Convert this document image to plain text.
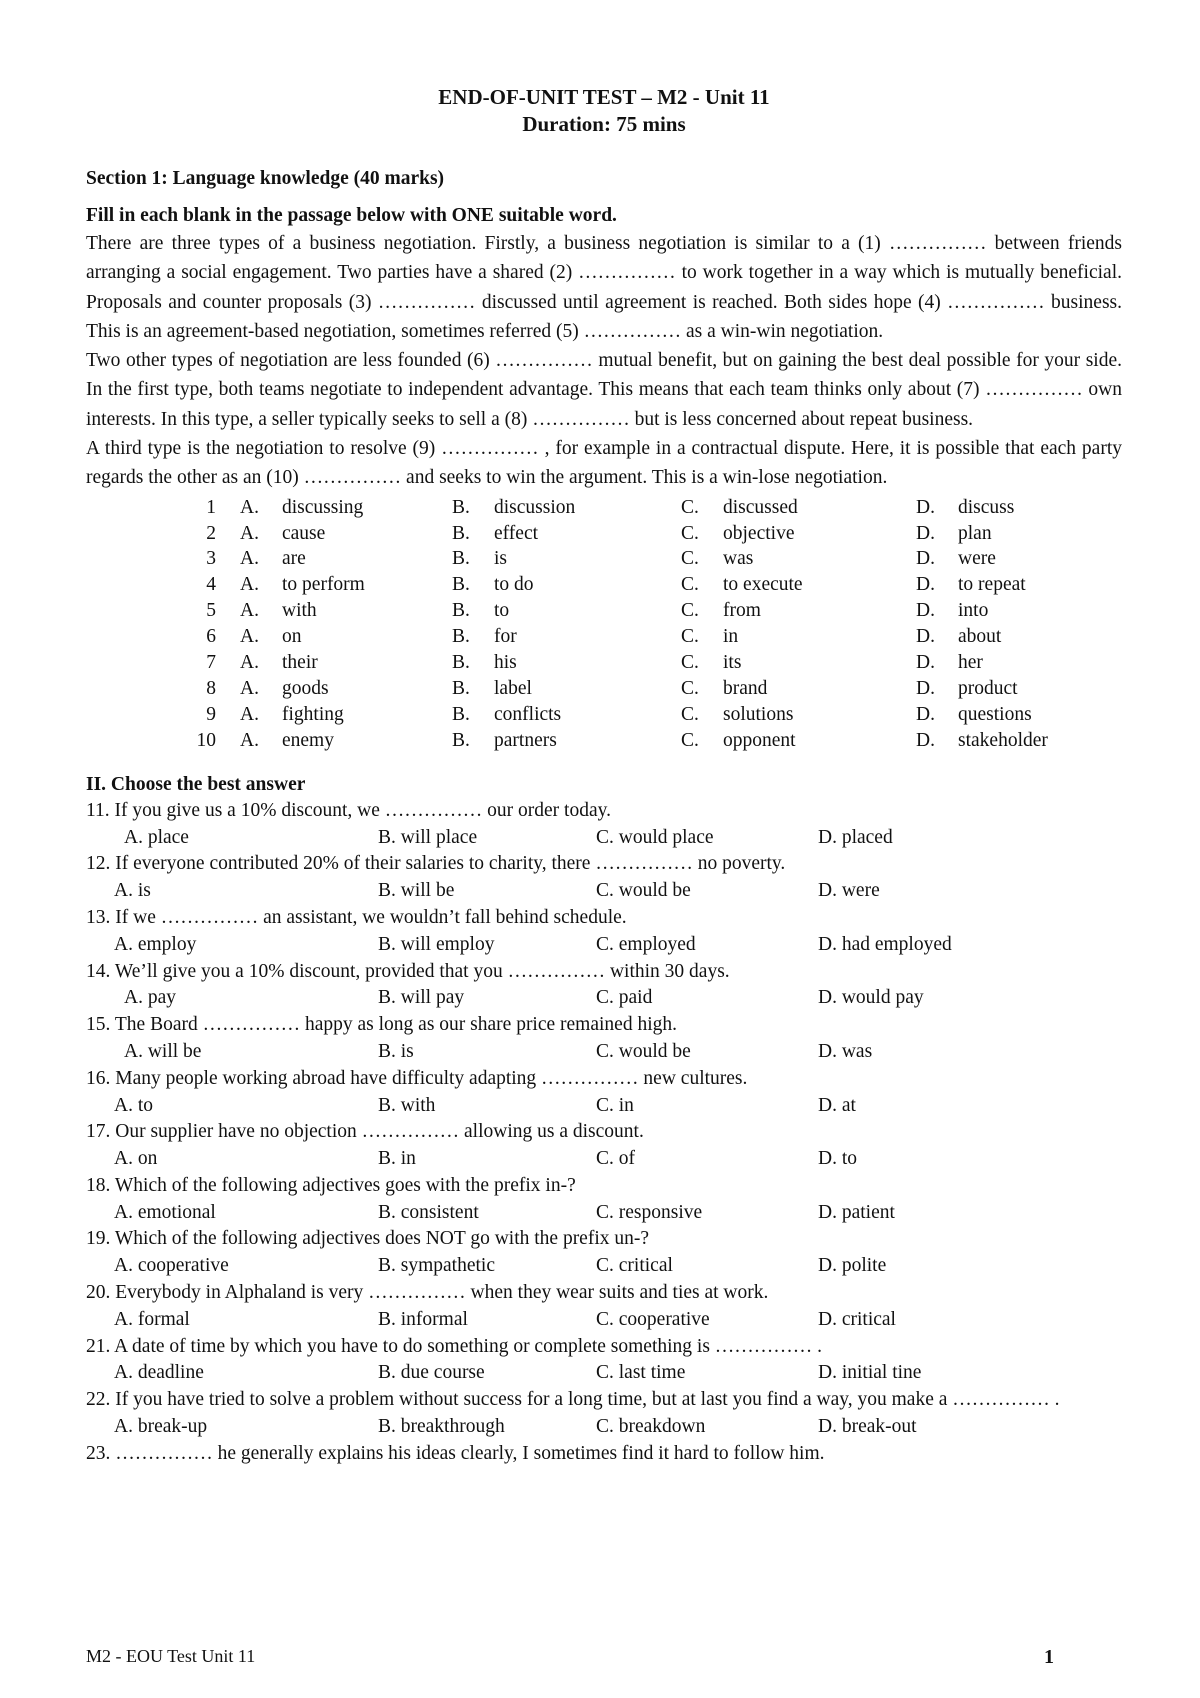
END-OF-UNIT TEST – M2 - Unit 11
Duration: 75 mins
Section 1: Language knowledge (40 marks)
Fill in each blank in the passage below with ONE suitable word.

There are three types of a business negotiation. Firstly, a business negotiation is similar to a (1) …………… between friends arranging a social engagement. Two parties have a shared (2) …………… to work together in a way which is mutually beneficial. Proposals and counter proposals (3) …………… discussed until agreement is reached. Both sides hope (4) …………… business. This is an agreement-based negotiation, sometimes referred (5) …………… as a win-win negotiation.

Two other types of negotiation are less founded (6) …………… mutual benefit, but on gaining the best deal possible for your side. In the first type, both teams negotiate to independent advantage. This means that each team thinks only about (7) …………… own interests. In this type, a seller typically seeks to sell a (8) …………… but is less concerned about repeat business.

A third type is the negotiation to resolve (9) …………… , for example in a contractual dispute. Here, it is possible that each party regards the other as an (10) …………… and seeks to win the argument. This is a win-lose negotiation.

1	A.	discussing	B.	discussion	C.	discussed	D.	discuss
2	A.	cause	B.	effect	C.	objective	D.	plan
3	A.	are	B.	is	C.	was	D.	were
4	A.	to perform	B.	to do	C.	to execute	D.	to repeat
5	A.	with	B.	to	C.	from	D.	into
6	A.	on	B.	for	C.	in	D.	about
7	A.	their	B.	his	C.	its	D.	her
8	A.	goods	B.	label	C.	brand	D.	product
9	A.	fighting	B.	conflicts	C.	solutions	D.	questions
10	A.	enemy	B.	partners	C.	opponent	D.	stakeholder
II. Choose the best answer
11. If you give us a 10% discount, we …………… our order today.
A. place	B. will place	C. would place	D. placed
12. If everyone contributed 20% of their salaries to charity, there …………… no poverty.
A. is	B. will be	C. would be	D. were
13. If we …………… an assistant, we wouldn’t fall behind schedule.
A. employ	B. will employ	C. employed	D. had employed
14. We’ll give you a 10% discount, provided that you …………… within 30 days.
A. pay	B. will pay	C. paid	D. would pay
15. The Board …………… happy as long as our share price remained high.
A. will be	B. is	C. would be	D. was
16. Many people working abroad have difficulty adapting …………… new cultures.
A. to	B. with	C. in	D. at
17. Our supplier have no objection …………… allowing us a discount.
A. on	B. in	C. of	D. to
18. Which of the following adjectives goes with the prefix in-?
A. emotional	B. consistent	C. responsive	D. patient
19. Which of the following adjectives does NOT go with the prefix un-?
A. cooperative	B. sympathetic	C. critical	D. polite
20. Everybody in Alphaland is very …………… when they wear suits and ties at work.
A. formal	B. informal	C. cooperative	D. critical
21. A date of time by which you have to do something or complete something is …………… .
A. deadline	B. due course	C. last time	D. initial tine
22. If you have tried to solve a problem without success for a long time, but at last you find a way, you make a …………… .
A. break-up	B. breakthrough	C. breakdown	D. break-out
23. …………… he generally explains his ideas clearly, I sometimes find it hard to follow him.
M2 - EOU Test Unit 11	1
